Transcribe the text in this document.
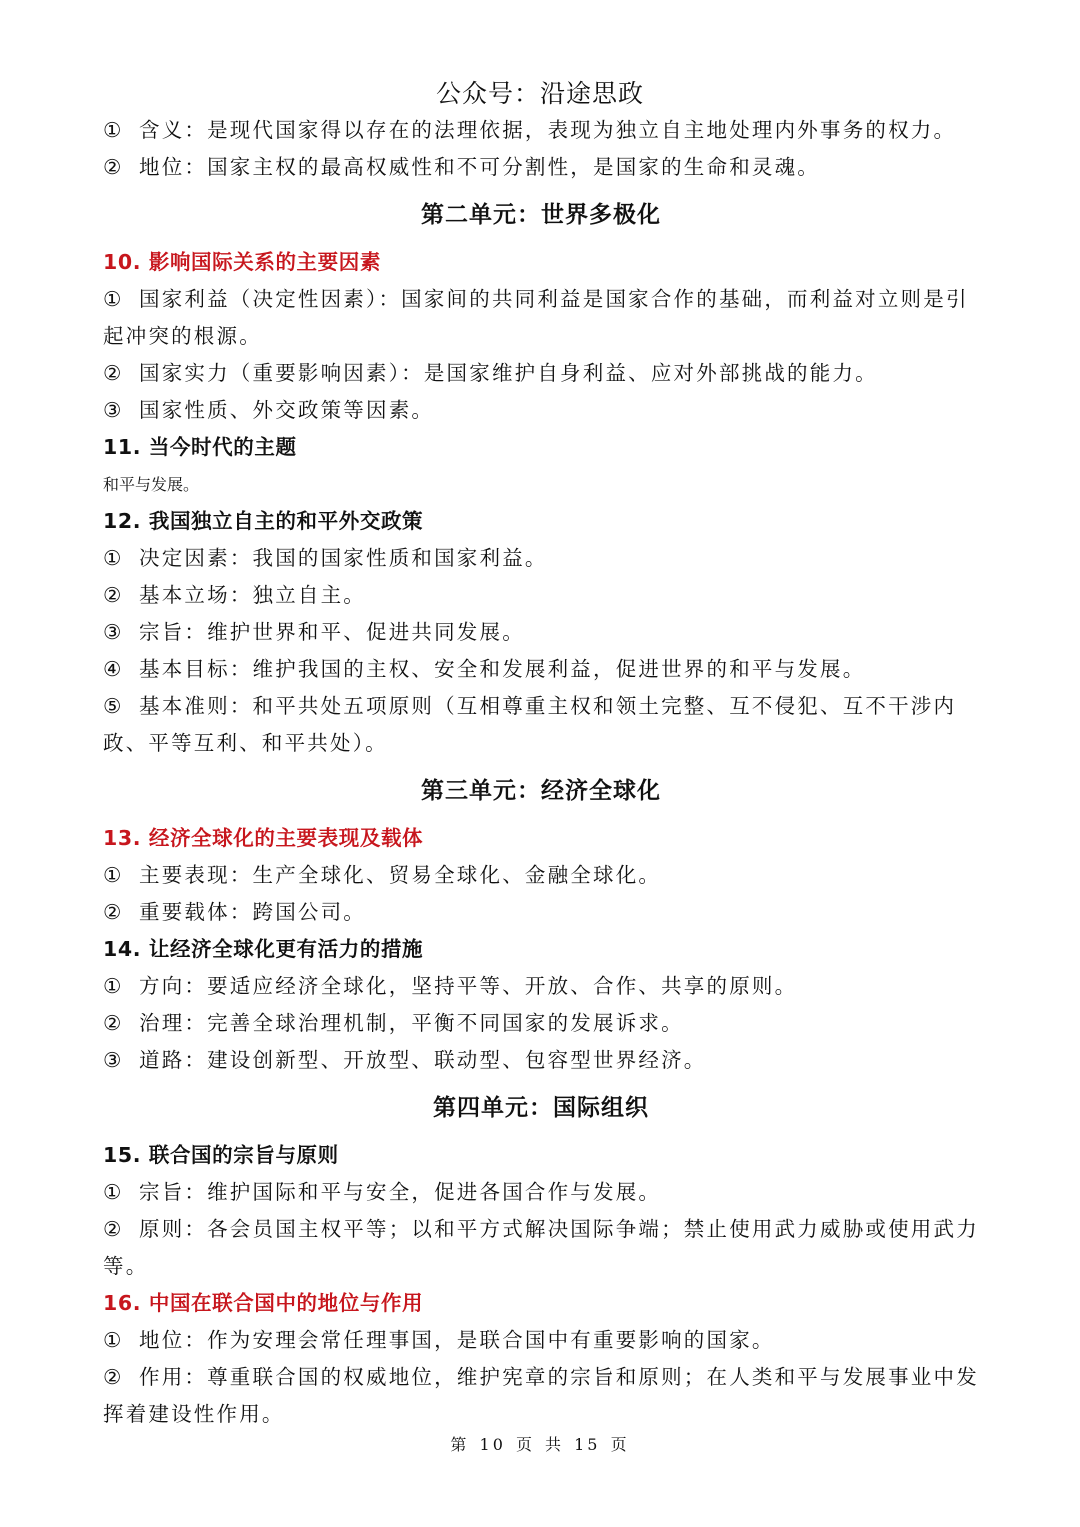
公众号：沿途思政

① 含义：是现代国家得以存在的法理依据，表现为独立自主地处理内外事务的权力。

② 地位：国家主权的最高权威性和不可分割性，是国家的生命和灵魂。

第二单元：世界多极化

10. 影响国际关系的主要因素

① 国家利益（决定性因素）：国家间的共同利益是国家合作的基础，而利益对立则是引起冲突的根源。

② 国家实力（重要影响因素）：是国家维护自身利益、应对外部挑战的能力。

③ 国家性质、外交政策等因素。

11. 当今时代的主题

和平与发展。

12. 我国独立自主的和平外交政策

① 决定因素：我国的国家性质和国家利益。

② 基本立场：独立自主。

③ 宗旨：维护世界和平、促进共同发展。

④ 基本目标：维护我国的主权、安全和发展利益，促进世界的和平与发展。

⑤ 基本准则：和平共处五项原则（互相尊重主权和领土完整、互不侵犯、互不干涉内政、平等互利、和平共处）。

第三单元：经济全球化

13. 经济全球化的主要表现及载体

① 主要表现：生产全球化、贸易全球化、金融全球化。

② 重要载体：跨国公司。

14. 让经济全球化更有活力的措施

① 方向：要适应经济全球化，坚持平等、开放、合作、共享的原则。

② 治理：完善全球治理机制，平衡不同国家的发展诉求。

③ 道路：建设创新型、开放型、联动型、包容型世界经济。

第四单元：国际组织

15. 联合国的宗旨与原则

① 宗旨：维护国际和平与安全，促进各国合作与发展。

② 原则：各会员国主权平等；以和平方式解决国际争端；禁止使用武力威胁或使用武力等。

16. 中国在联合国中的地位与作用

① 地位：作为安理会常任理事国，是联合国中有重要影响的国家。

② 作用：尊重联合国的权威地位，维护宪章的宗旨和原则；在人类和平与发展事业中发挥着建设性作用。

第 10 页 共 15 页
